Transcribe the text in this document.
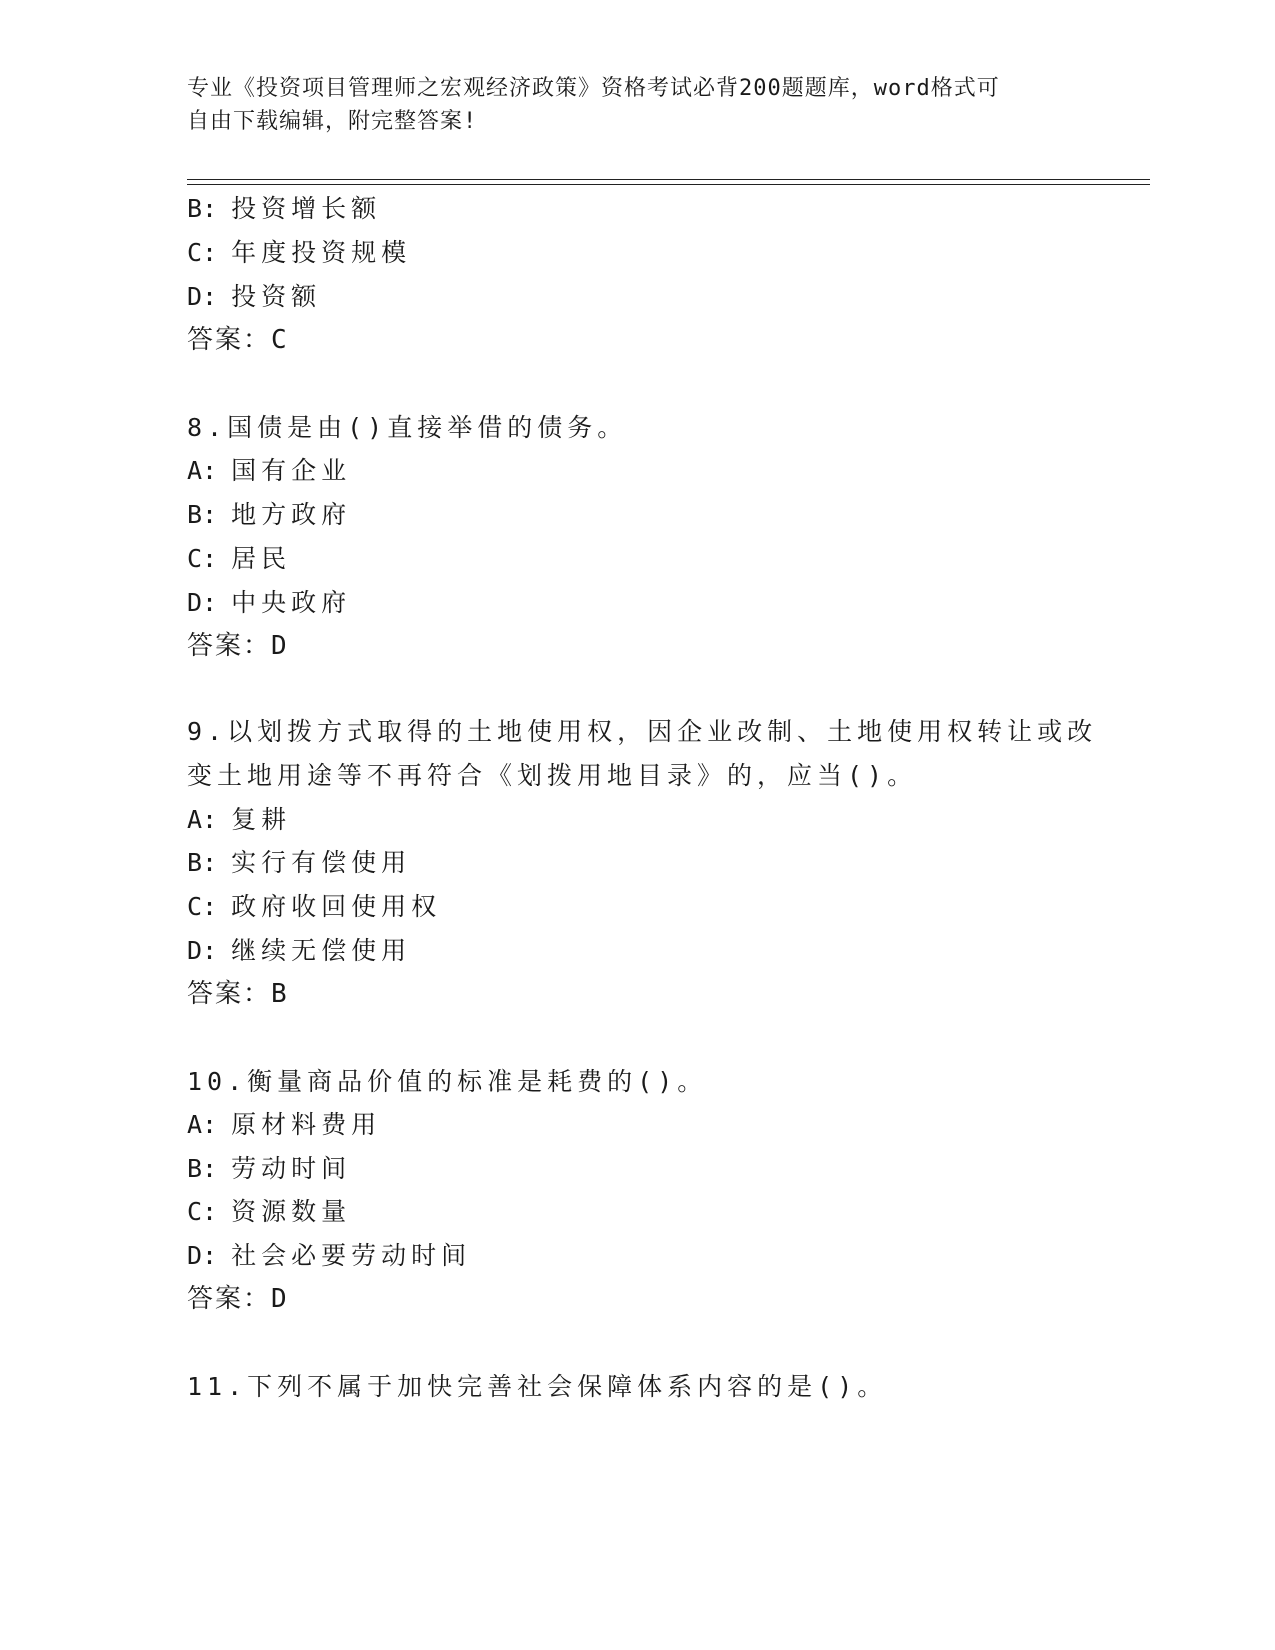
专业《投资项目管理师之宏观经济政策》资格考试必背200题题库，word格式可
自由下载编辑，附完整答案!
B: 投资增长额
C: 年度投资规模
D: 投资额
答案：C
8.国债是由()直接举借的债务。
A: 国有企业
B: 地方政府
C: 居民
D: 中央政府
答案：D
9.以划拨方式取得的土地使用权，因企业改制、土地使用权转让或改
变土地用途等不再符合《划拨用地目录》的，应当()。
A: 复耕
B: 实行有偿使用
C: 政府收回使用权
D: 继续无偿使用
答案：B
10.衡量商品价值的标准是耗费的()。
A: 原材料费用
B: 劳动时间
C: 资源数量
D: 社会必要劳动时间
答案：D
11.下列不属于加快完善社会保障体系内容的是()。
